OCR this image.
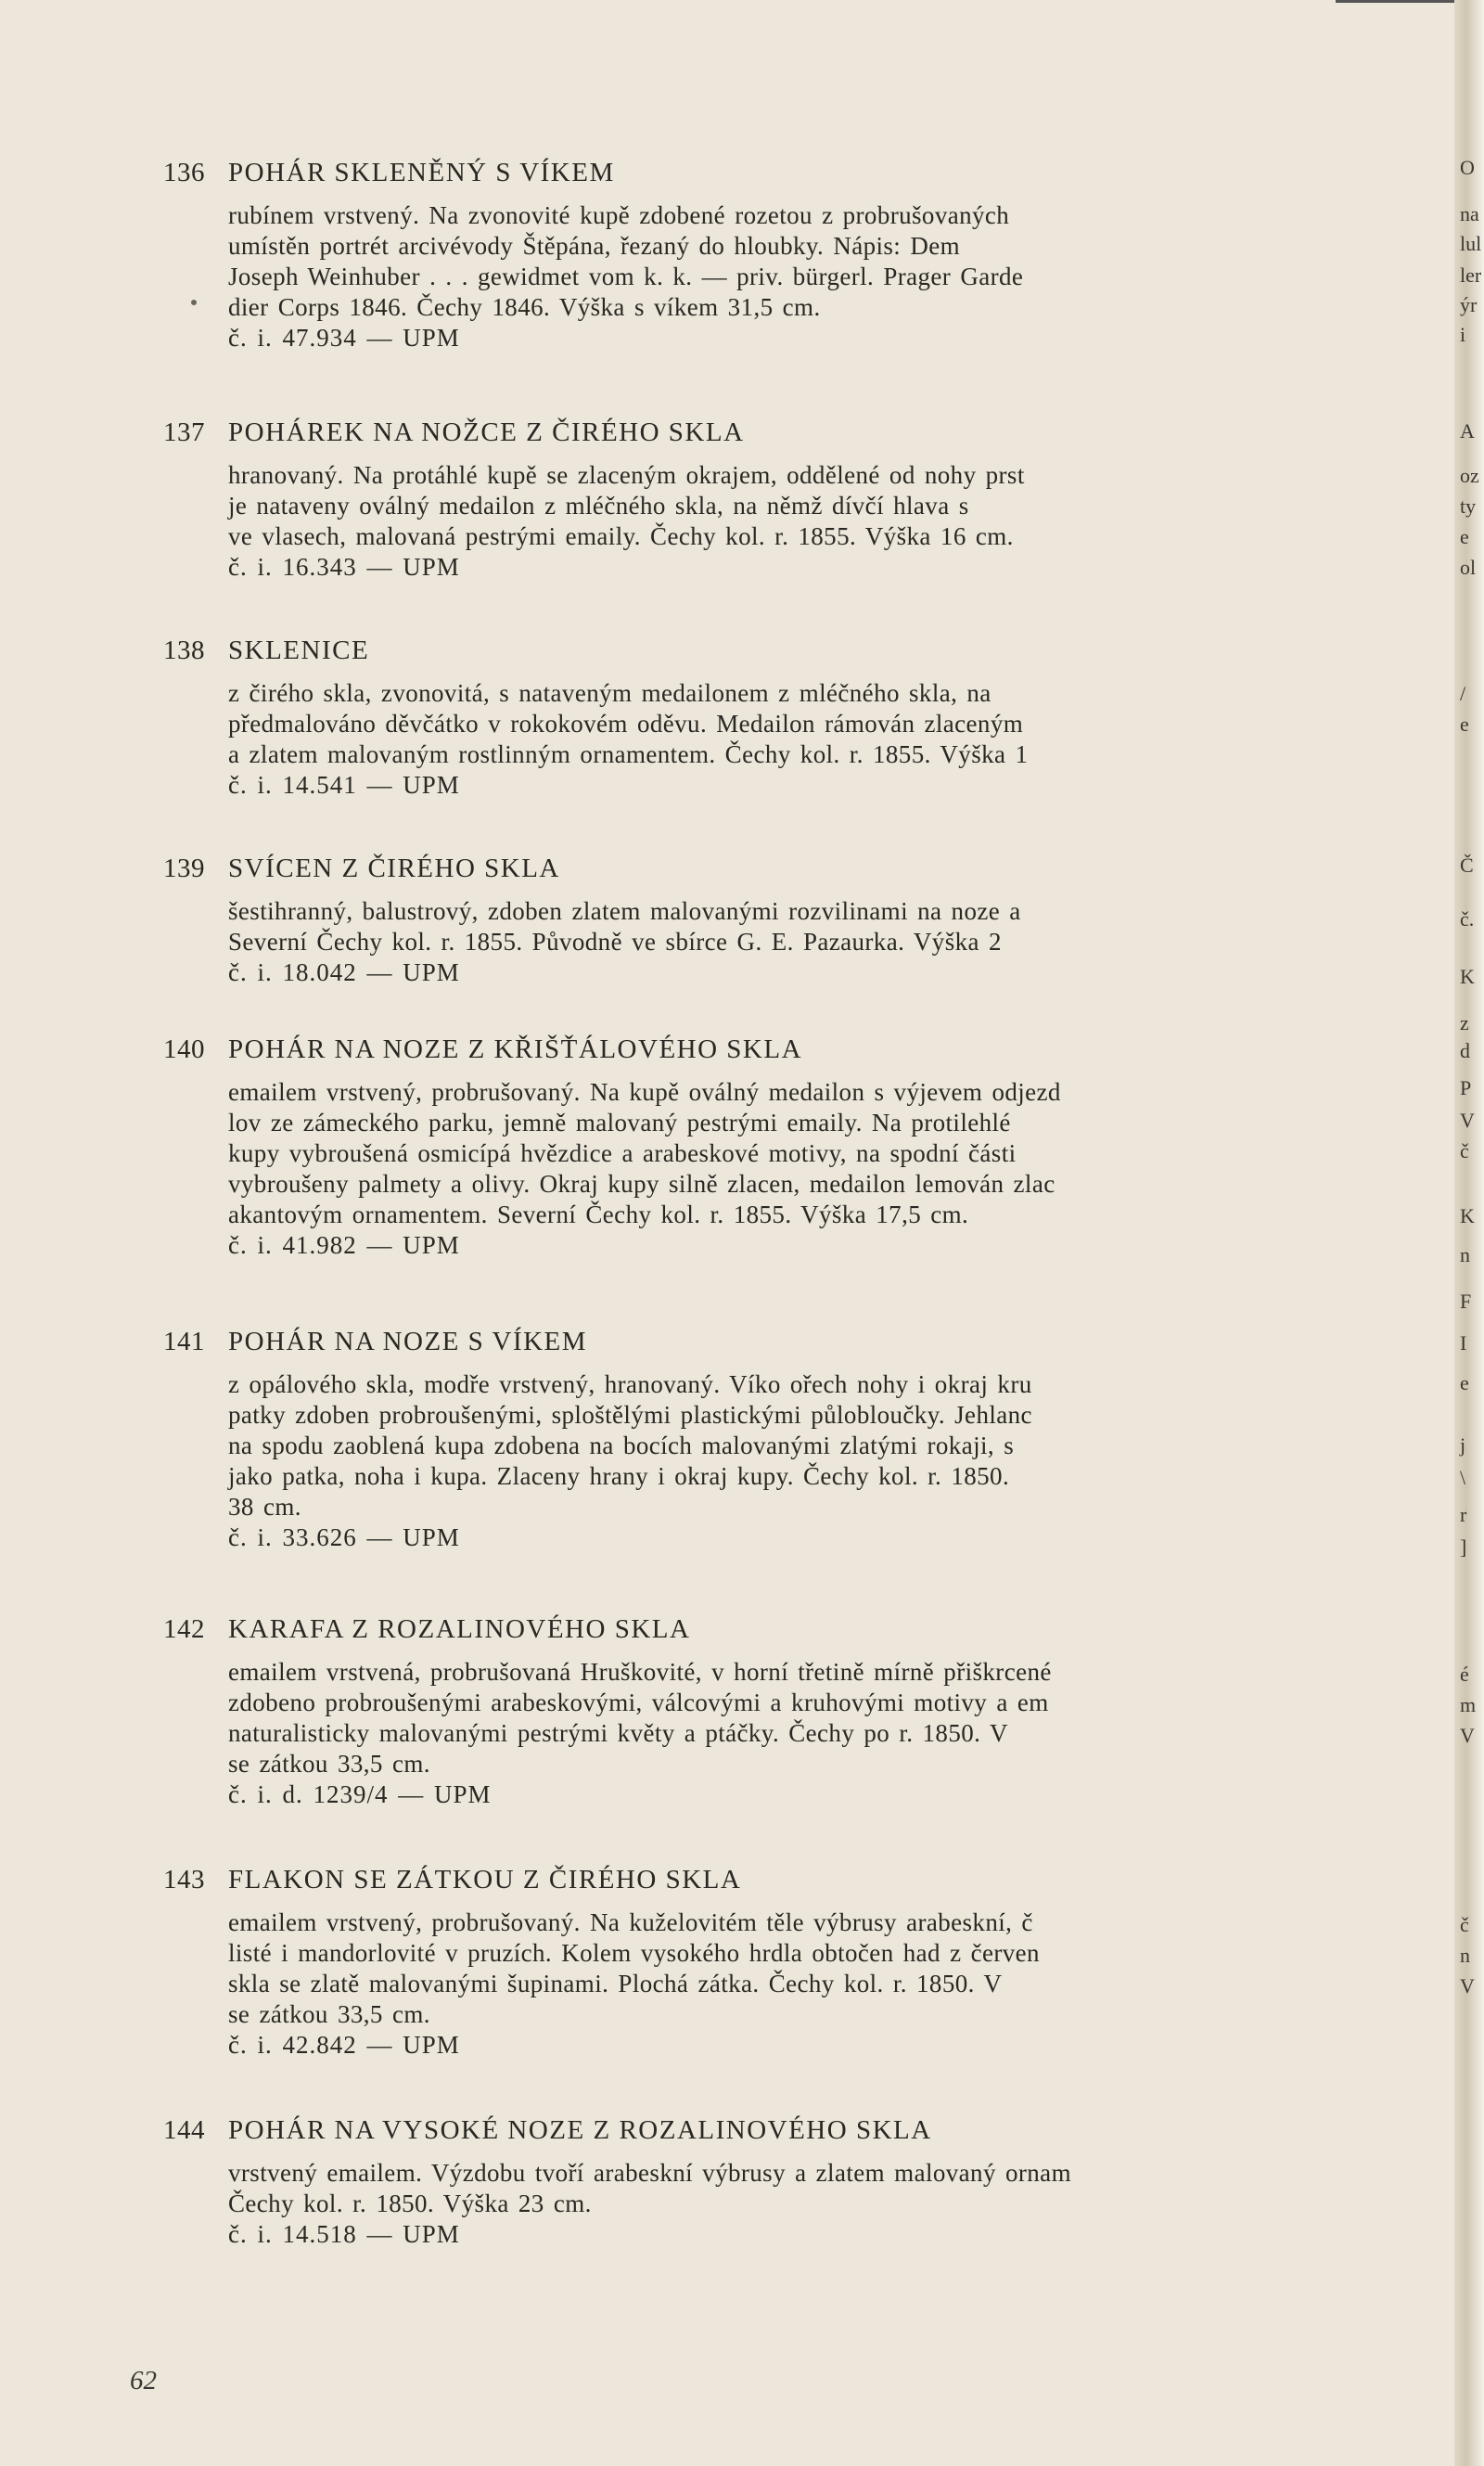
136 POHÁR SKLENĚNÝ S VÍKEM
rubínem vrstvený. Na zvonovité kupě zdobené rozetou z probrušovaných
umístěn portrét arcivévody Štěpána, řezaný do hloubky. Nápis: Dem
Joseph Weinhuber . . . gewidmet vom k. k. — priv. bürgerl. Prager Garde
dier Corps 1846. Čechy 1846. Výška s víkem 31,5 cm.
č. i. 47.934 — UPM
137 POHÁREK NA NOŽCE Z ČIRÉHO SKLA
hranovaný. Na protáhlé kupě se zlaceným okrajem, oddělené od nohy prst
je nataveny oválný medailon z mléčného skla, na němž dívčí hlava s
ve vlasech, malovaná pestrými emaily. Čechy kol. r. 1855. Výška 16 cm.
č. i. 16.343 — UPM
138 SKLENICE
z čirého skla, zvonovitá, s nataveným medailonem z mléčného skla, na
předmalováno děvčátko v rokokovém oděvu. Medailon rámován zlaceným
a zlatem malovaným rostlinným ornamentem. Čechy kol. r. 1855. Výška 1
č. i. 14.541 — UPM
139 SVÍCEN Z ČIRÉHO SKLA
šestihranný, balustrový, zdoben zlatem malovanými rozvilinami na noze a
Severní Čechy kol. r. 1855. Původně ve sbírce G. E. Pazaurka. Výška 2
č. i. 18.042 — UPM
140 POHÁR NA NOZE Z KŘIŠŤÁLOVÉHO SKLA
emailem vrstvený, probrušovaný. Na kupě oválný medailon s výjevem odjezd
lov ze zámeckého parku, jemně malovaný pestrými emaily. Na protilehlé
kupy vybroušená osmicípá hvězdice a arabeskové motivy, na spodní části
vybroušeny palmety a olivy. Okraj kupy silně zlacen, medailon lemován zlac
akantovým ornamentem. Severní Čechy kol. r. 1855. Výška 17,5 cm.
č. i. 41.982 — UPM
141 POHÁR NA NOZE S VÍKEM
z opálového skla, modře vrstvený, hranovaný. Víko ořech nohy i okraj kru
patky zdoben probroušenými, sploštělými plastickými půlobloučky. Jehlanc
na spodu zaoblená kupa zdobena na bocích malovanými zlatými rokaji, s
jako patka, noha i kupa. Zlaceny hrany i okraj kupy. Čechy kol. r. 1850.
38 cm.
č. i. 33.626 — UPM
142 KARAFA Z ROZALINOVÉHO SKLA
emailem vrstvená, probrušovaná Hruškovité, v horní třetině mírně přiškrcené
zdobeno probroušenými arabeskovými, válcovými a kruhovými motivy a em
naturalisticky malovanými pestrými květy a ptáčky. Čechy po r. 1850. V
se zátkou 33,5 cm.
č. i. d. 1239/4 — UPM
143 FLAKON SE ZÁTKOU Z ČIRÉHO SKLA
emailem vrstvený, probrušovaný. Na kuželovitém těle výbrusy arabeskní, č
listé i mandorlovité v pruzích. Kolem vysokého hrdla obtočen had z červen
skla se zlatě malovanými šupinami. Plochá zátka. Čechy kol. r. 1850. V
se zátkou 33,5 cm.
č. i. 42.842 — UPM
144 POHÁR NA VYSOKÉ NOZE Z ROZALINOVÉHO SKLA
vrstvený emailem. Výzdobu tvoří arabeskní výbrusy a zlatem malovaný ornam
Čechy kol. r. 1850. Výška 23 cm.
č. i. 14.518 — UPM
O
na
lul
ler
ýr
i
A
oz
ty
e
ol
/
e
Č
č.
K
z
d
P
V
č
K
n
F
I
e
j
\
r
]
é
m
V
č
n
V
62
